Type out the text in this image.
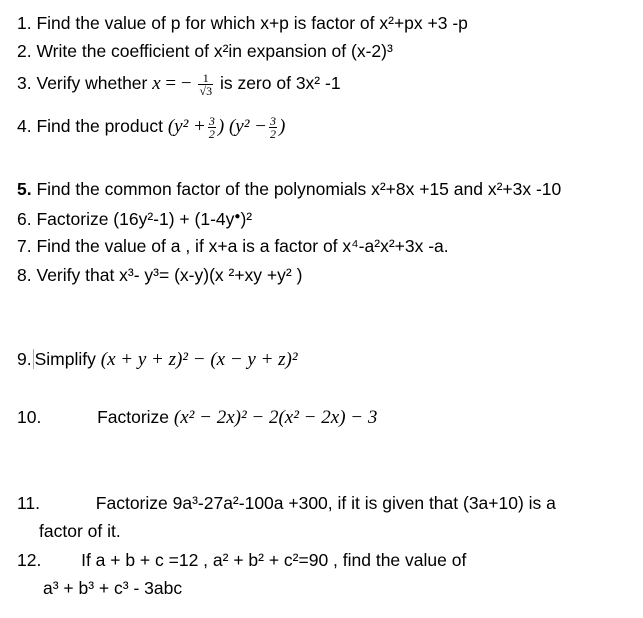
1. Find the value of p for which x+p is factor of x²+px +3 -p
2. Write the coefficient of x²in expansion of (x-2)³
3. Verify whether x = − $\frac{1}{√3}$ is zero of 3x² -1
4. Find the product ($y^2 + \frac{3}{2}$ ) ($y^2 - \frac{3}{2}$ )
5. Find the common factor of the polynomials x²+8x +15 and x²+3x -10
6. Factorize (16y²-1) + (1-4y●)²
7. Find the value of a , if x+a is a factor of x⁴-a²x²+3x -a.
8. Verify that x³- y³= (x-y)(x ²+xy +y² )
9. Simplify (x + y + z)² − (x − y + z)²
10.	Factorize (x² − 2x)² − 2(x² − 2x) − 3
11.	Factorize 9a³-27a²-100a +300, if it is given that (3a+10) is a
factor of it.
12. If a + b + c =12 , a² + b² + c²=90 , find the value of
a³ + b³ + c³ - 3abc
